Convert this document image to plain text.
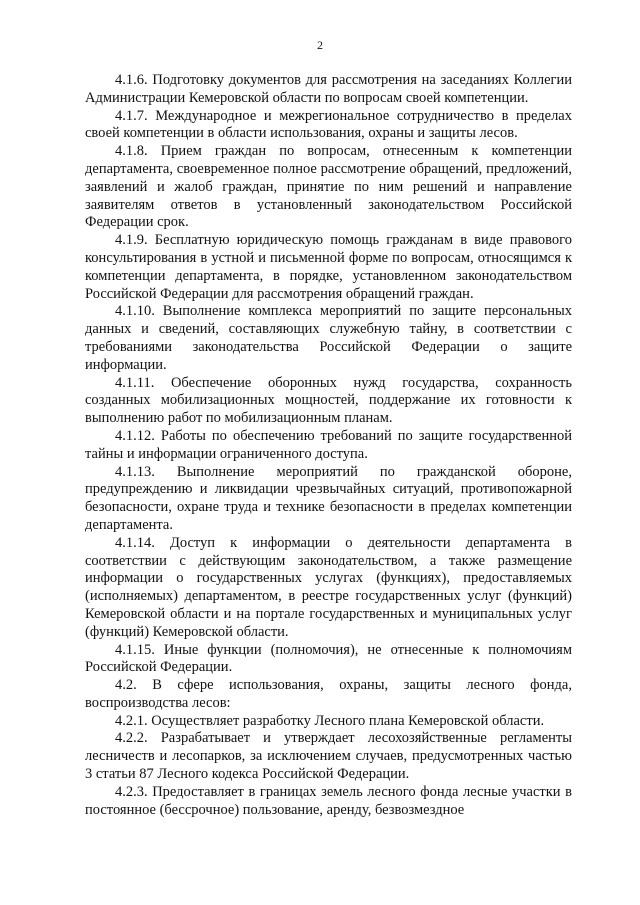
2

4.1.6. Подготовку документов для рассмотрения на заседаниях Коллегии Администрации Кемеровской области по вопросам своей компетенции.

4.1.7. Международное и межрегиональное сотрудничество в пределах своей компетенции в области использования, охраны и защиты лесов.

4.1.8. Прием граждан по вопросам, отнесенным к компетенции департамента, своевременное полное рассмотрение обращений, предложений, заявлений и жалоб граждан, принятие по ним решений и направление заявителям ответов в установленный законодательством Российской Федерации срок.

4.1.9. Бесплатную юридическую помощь гражданам в виде правового консультирования в устной и письменной форме по вопросам, относящимся к компетенции департамента, в порядке, установленном законодательством Российской Федерации для рассмотрения обращений граждан.

4.1.10. Выполнение комплекса мероприятий по защите персональных данных и сведений, составляющих служебную тайну, в соответствии с требованиями законодательства Российской Федерации о защите информации.

4.1.11. Обеспечение оборонных нужд государства, сохранность созданных мобилизационных мощностей, поддержание их готовности к выполнению работ по мобилизационным планам.

4.1.12. Работы по обеспечению требований по защите государственной тайны и информации ограниченного доступа.

4.1.13. Выполнение мероприятий по гражданской обороне, предупреждению и ликвидации чрезвычайных ситуаций, противопожарной безопасности, охране труда и технике безопасности в пределах компетенции департамента.

4.1.14. Доступ к информации о деятельности департамента в соответствии с действующим законодательством, а также размещение информации о государственных услугах (функциях), предоставляемых (исполняемых) департаментом, в реестре государственных услуг (функций) Кемеровской области и на портале государственных и муниципальных услуг (функций) Кемеровской области.

4.1.15. Иные функции (полномочия), не отнесенные к полномочиям Российской Федерации.

4.2. В сфере использования, охраны, защиты лесного фонда, воспроизводства лесов:

4.2.1. Осуществляет разработку Лесного плана Кемеровской области.

4.2.2. Разрабатывает и утверждает лесохозяйственные регламенты лесничеств и лесопарков, за исключением случаев, предусмотренных частью 3 статьи 87 Лесного кодекса Российской Федерации.

4.2.3. Предоставляет в границах земель лесного фонда лесные участки в постоянное (бессрочное) пользование, аренду, безвозмездное
